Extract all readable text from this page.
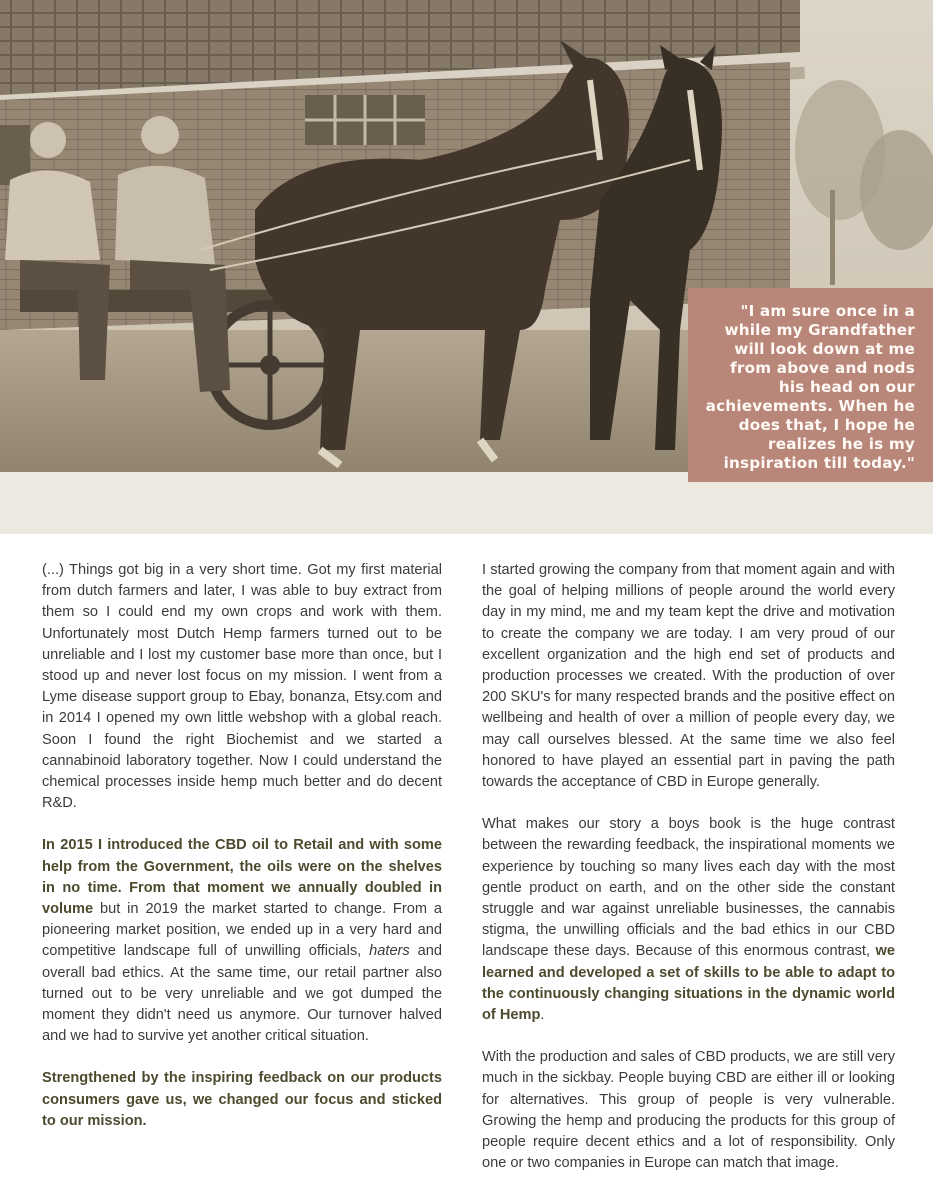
"I am sure once in a while my Grandfather will look down at me from above and nods his head on our achievements. When he does that, I hope he realizes he is my inspiration till today."

(...) Things got big in a very short time. Got my first material from dutch farmers and later, I was able to buy extract from them so I could end my own crops and work with them. Unfortunately most Dutch Hemp farmers turned out to be unreliable and I lost my customer base more than once, but I stood up and never lost focus on my mission. I went from a Lyme disease support group to Ebay, bonanza, Etsy.com and in 2014 I opened my own little webshop with a global reach. Soon I found the right Biochemist and we started a cannabinoid laboratory together. Now I could understand the chemical processes inside hemp much better and do decent R&D.

In 2015 I introduced the CBD oil to Retail and with some help from the Government, the oils were on the shelves in no time. From that moment we annually doubled in volume but in 2019 the market started to change. From a pioneering market position, we ended up in a very hard and competitive landscape full of unwilling officials, haters and overall bad ethics. At the same time, our retail partner also turned out to be very unreliable and we got dumped the moment they didn't need us anymore. Our turnover halved and we had to survive yet another critical situation.

Strengthened by the inspiring feedback on our products consumers gave us, we changed our focus and sticked to our mission.

I started growing the company from that moment again and with the goal of helping millions of people around the world every day in my mind, me and my team kept the drive and motivation to create the company we are today. I am very proud of our excellent organization and the high end set of products and production processes we created. With the production of over 200 SKU's for many respected brands and the positive effect on wellbeing and health of over a million of people every day, we may call ourselves blessed. At the same time we also feel honored to have played an essential part in paving the path towards the acceptance of CBD in Europe generally.

What makes our story a boys book is the huge contrast between the rewarding feedback, the inspirational moments we experience by touching so many lives each day with the most gentle product on earth, and on the other side the constant struggle and war against unreliable businesses, the cannabis stigma, the unwilling officials and the bad ethics in our CBD landscape these days. Because of this enormous contrast, we learned and developed a set of skills to be able to adapt to the continuously changing situations in the dynamic world of Hemp.

With the production and sales of CBD products, we are still very much in the sickbay. People buying CBD are either ill or looking for alternatives. This group of people is very vulnerable. Growing the hemp and producing the products for this group of people require decent ethics and a lot of responsibility. Only one or two companies in Europe can match that image.
